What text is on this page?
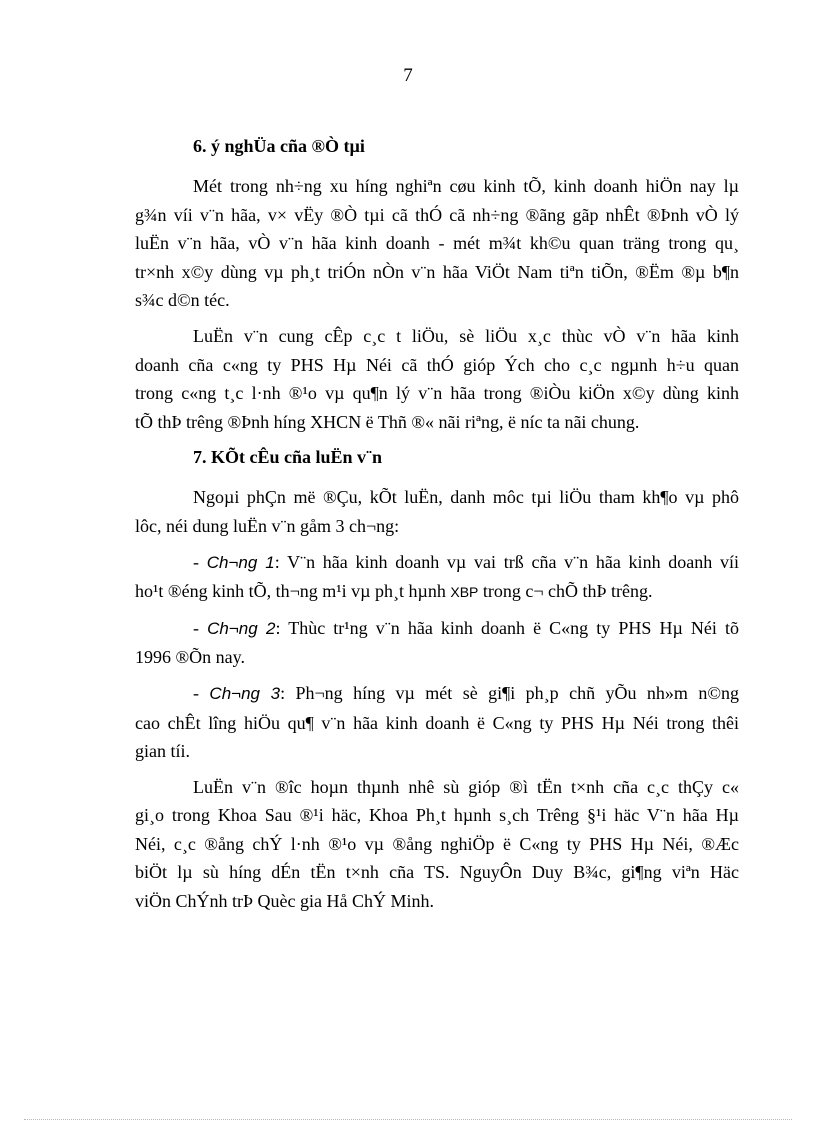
7
6. ý nghÜa cña ®Ò tµi

Mét trong nh÷ng xu híng nghiªn cøu kinh tÕ, kinh doanh hiÖn nay lµ
g¾n víi v¨n hãa, v× vËy ®Ò tµi cã thÓ cã nh÷ng ®ãng gãp nhÊt ®Þnh vÒ lý
luËn v¨n hãa, vÒ v¨n hãa kinh doanh - mét m¾t kh©u quan träng trong qu¸
tr×nh x©y dùng vµ ph¸t triÓn nÒn v¨n hãa ViÖt Nam tiªn tiÕn, ®Ëm ®µ b¶n
s¾c d©n téc.

LuËn v¨n cung cÊp c¸c t liÖu, sè liÖu x¸c thùc vÒ v¨n hãa kinh
doanh cña c«ng ty PHS Hµ Néi cã thÓ gióp Ých cho c¸c ngµnh h÷u quan
trong c«ng t¸c l·nh ®¹o vµ qu¶n lý v¨n hãa trong ®iÒu kiÖn x©y dùng kinh
tÕ thÞ trêng ®Þnh híng XHCN ë Thñ ®« nãi riªng, ë níc ta nãi chung.

7. KÕt cÊu cña luËn v¨n

Ngoµi phÇn më ®Çu, kÕt luËn, danh môc tµi liÖu tham kh¶o vµ phô
lôc, néi dung luËn v¨n gåm 3 ch¬ng:

- Ch¬ng 1: V¨n hãa kinh doanh vµ vai trß cña v¨n hãa kinh doanh víi
ho¹t ®éng kinh tÕ, th¬ng m¹i vµ ph¸t hµnh XBP trong c¬ chÕ thÞ trêng.

- Ch¬ng 2: Thùc tr¹ng v¨n hãa kinh doanh ë C«ng ty PHS Hµ Néi tõ
1996 ®Õn nay.

- Ch¬ng 3: Ph¬ng híng vµ mét sè gi¶i ph¸p chñ yÕu nh»m n©ng
cao chÊt lîng hiÖu qu¶ v¨n hãa kinh doanh ë C«ng ty PHS Hµ Néi trong thêi
gian tíi.

LuËn v¨n ®îc hoµn thµnh nhê sù gióp ®ì tËn t×nh cña c¸c thÇy c«
gi¸o trong Khoa Sau ®¹i häc, Khoa Ph¸t hµnh s¸ch Trêng §¹i häc V¨n hãa Hµ
Néi, c¸c ®ång chÝ l·nh ®¹o vµ ®ång nghiÖp ë C«ng ty PHS Hµ Néi, ®Æc
biÖt lµ sù híng dÉn tËn t×nh cña TS. NguyÔn Duy B¾c, gi¶ng viªn Häc
viÖn ChÝnh trÞ Quèc gia Hå ChÝ Minh.
